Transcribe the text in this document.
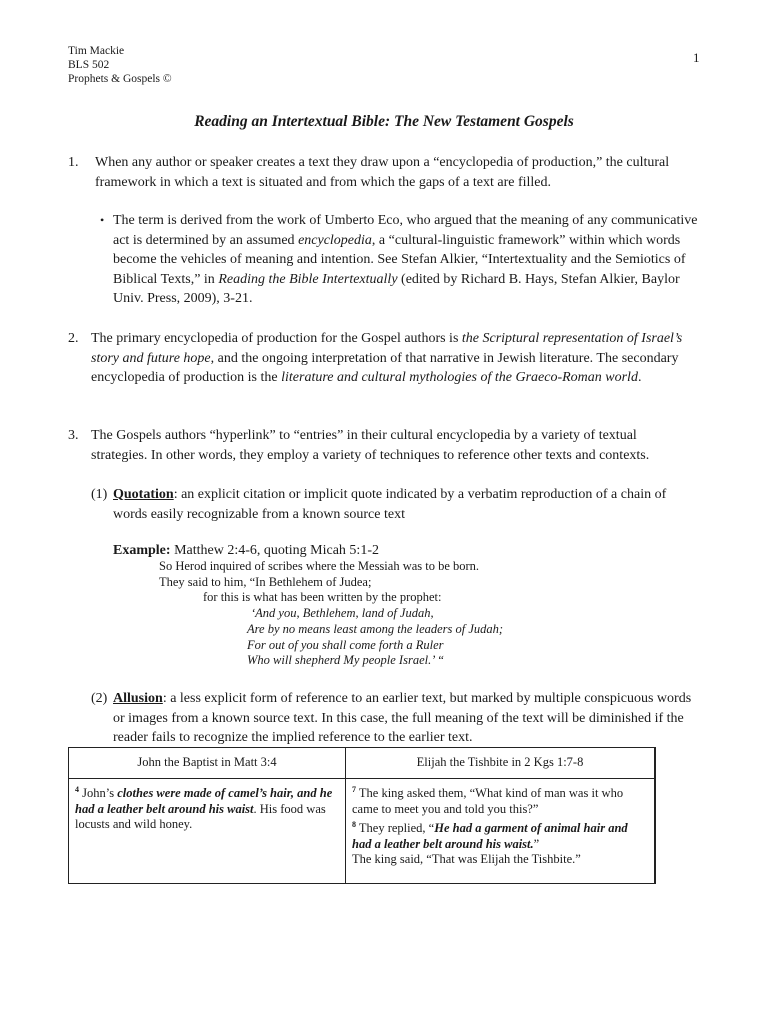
Tim Mackie
BLS 502
Prophets & Gospels ©
1
Reading an Intertextual Bible: The New Testament Gospels
1. When any author or speaker creates a text they draw upon a “encyclopedia of production,” the cultural framework in which a text is situated and from which the gaps of a text are filled.
• The term is derived from the work of Umberto Eco, who argued that the meaning of any communicative act is determined by an assumed encyclopedia, a “cultural-linguistic framework” within which words become the vehicles of meaning and intention. See Stefan Alkier, “Intertextuality and the Semiotics of Biblical Texts,” in Reading the Bible Intertextually (edited by Richard B. Hays, Stefan Alkier, Baylor Univ. Press, 2009), 3-21.
2. The primary encyclopedia of production for the Gospel authors is the Scriptural representation of Israel’s story and future hope, and the ongoing interpretation of that narrative in Jewish literature. The secondary encyclopedia of production is the literature and cultural mythologies of the Graeco-Roman world.
3. The Gospels authors “hyperlink” to “entries” in their cultural encyclopedia by a variety of textual strategies. In other words, they employ a variety of techniques to reference other texts and contexts.
(1) Quotation: an explicit citation or implicit quote indicated by a verbatim reproduction of a chain of words easily recognizable from a known source text
Example: Matthew 2:4-6, quoting Micah 5:1-2
So Herod inquired of scribes where the Messiah was to be born.
They said to him, “In Bethlehem of Judea;
for this is what has been written by the prophet:
‘And you, Bethlehem, land of Judah,
Are by no means least among the leaders of Judah;
For out of you shall come forth a Ruler
Who will shepherd My people Israel.’ “
(2) Allusion: a less explicit form of reference to an earlier text, but marked by multiple conspicuous words or images from a known source text. In this case, the full meaning of the text will be diminished if the reader fails to recognize the implied reference to the earlier text.
John the Baptist in Matt 3:4	Elijah the Tishbite in 2 Kgs 1:7-8
$^4$ John’s clothes were made of camel’s hair, and he had a leather belt around his waist. His food was locusts and wild honey.	$^7$ The king asked them, “What kind of man was it who came to meet you and told you this?”
$^8$ They replied, “He had a garment of animal hair and had a leather belt around his waist.”
The king said, “That was Elijah the Tishbite.”
